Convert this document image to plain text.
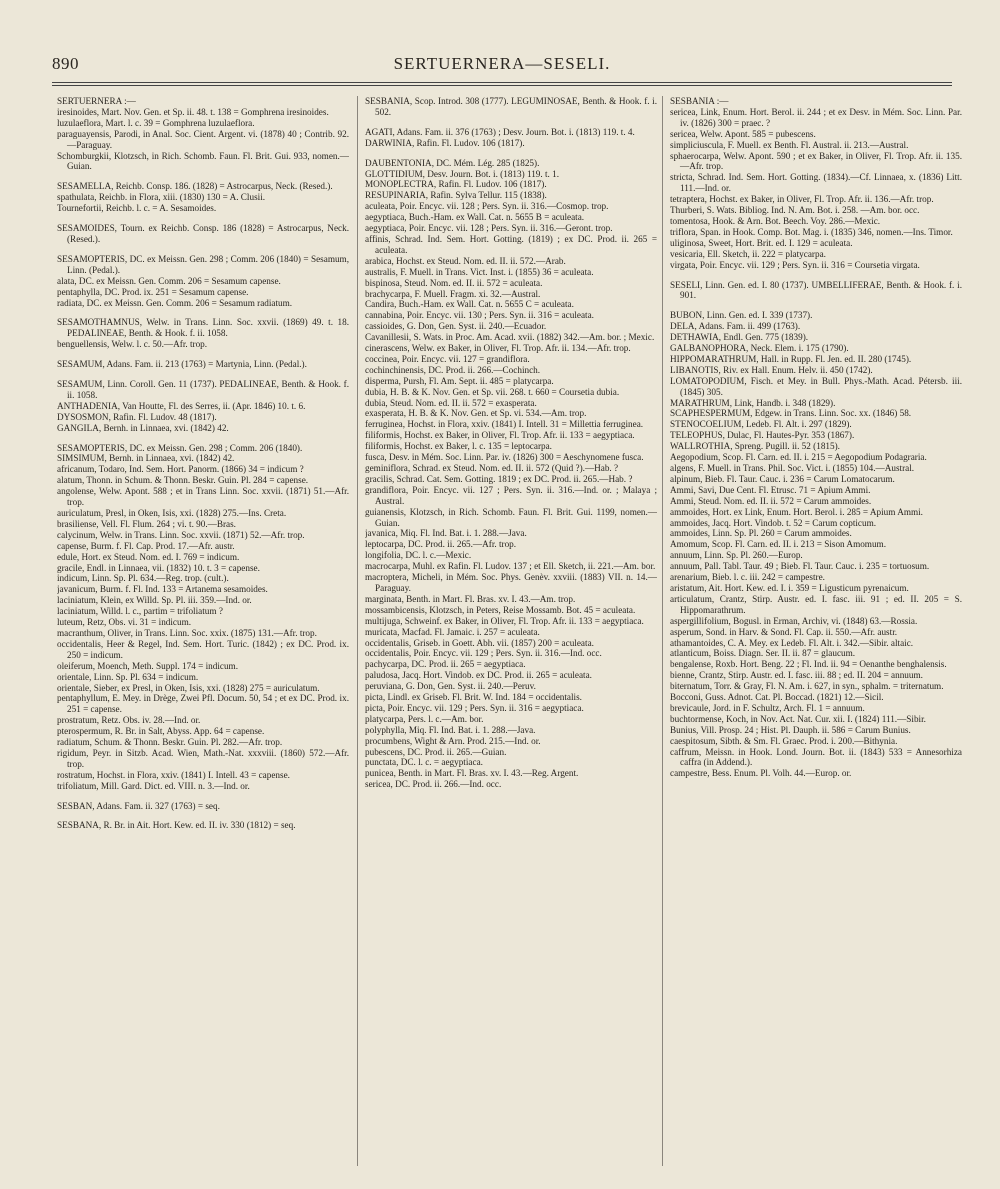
890	SERTUERNERA—SESELI.
SERTUERNERA :—
iresinoides, Mart. Nov. Gen. et Sp. ii. 48. t. 138 = Gomphrena iresinoides.
luzulaeflora, Mart. l. c. 39 = Gomphrena luzulaeflora.
paraguayensis, Parodi, in Anal. Soc. Cient. Argent. vi. (1878) 40 ; Contrib. 92.—Paraguay.
Schomburgkii, Klotzsch, in Rich. Schomb. Faun. Fl. Brit. Gui. 933, nomen.—Guian.
SESAMELLA, Reichb. Consp. 186. (1828) = Astrocarpus, Neck. (Resed.).
spathulata, Reichb. in Flora, xiii. (1830) 130 = A. Clusii.
Tournefortii, Reichb. l. c. = A. Sesamoides.
SESAMOIDES, Tourn. ex Reichb. Consp. 186 (1828) = Astrocarpus, Neck. (Resed.).
SESAMOPTERIS, DC. ex Meissn. Gen. 298 ; Comm. 206 (1840) = Sesamum, Linn. (Pedal.).
alata, DC. ex Meissn. Gen. Comm. 206 = Sesamum capense.
pentaphylla, DC. Prod. ix. 251 = Sesamum capense.
radiata, DC. ex Meissn. Gen. Comm. 206 = Sesamum radiatum.
SESAMOTHAMNUS, Welw. in Trans. Linn. Soc. xxvii. (1869) 49. t. 18. PEDALINEAE, Benth. & Hook. f. ii. 1058.
benguellensis, Welw. l. c. 50.—Afr. trop.
SESAMUM, Adans. Fam. ii. 213 (1763) = Martynia, Linn. (Pedal.).
SESAMUM, Linn. Coroll. Gen. 11 (1737). PEDALINEAE, Benth. & Hook. f. ii. 1058.
ANTHADENIA, Van Houtte, Fl. des Serres, ii. (Apr. 1846) 10. t. 6.
DYSOSMON, Rafin. Fl. Ludov. 48 (1817).
GANGILA, Bernh. in Linnaea, xvi. (1842) 42.
SESAMOPTERIS, DC. ex Meissn. Gen. 298 ; Comm. 206 (1840).
SIMSIMUM, Bernh. in Linnaea, xvi. (1842) 42.
africanum, Todaro, Ind. Sem. Hort. Panorm. (1866) 34 = indicum ?
alatum, Thonn. in Schum. & Thonn. Beskr. Guin. Pl. 284 = capense.
angolense, Welw. Apont. 588 ; et in Trans Linn. Soc. xxvii. (1871) 51.—Afr. trop.
auriculatum, Presl, in Oken, Isis, xxi. (1828) 275.—Ins. Creta.
brasiliense, Vell. Fl. Flum. 264 ; vi. t. 90.—Bras.
calycinum, Welw. in Trans. Linn. Soc. xxvii. (1871) 52.—Afr. trop.
capense, Burm. f. Fl. Cap. Prod. 17.—Afr. austr.
edule, Hort. ex Steud. Nom. ed. I. 769 = indicum.
gracile, Endl. in Linnaea, vii. (1832) 10. t. 3 = capense.
indicum, Linn. Sp. Pl. 634.—Reg. trop. (cult.).
javanicum, Burm. f. Fl. Ind. 133 = Artanema sesamoides.
laciniatum, Klein, ex Willd. Sp. Pl. iii. 359.—Ind. or.
laciniatum, Willd. l. c., partim = trifoliatum ?
luteum, Retz, Obs. vi. 31 = indicum.
macranthum, Oliver, in Trans. Linn. Soc. xxix. (1875) 131.—Afr. trop.
occidentalis, Heer & Regel, Ind. Sem. Hort. Turic. (1842) ; ex DC. Prod. ix. 250 = indicum.
oleiferum, Moench, Meth. Suppl. 174 = indicum.
orientale, Linn. Sp. Pl. 634 = indicum.
orientale, Sieber, ex Presl, in Oken, Isis, xxi. (1828) 275 = auriculatum.
pentaphyllum, E. Mey. in Drège, Zwei Pfl. Docum. 50, 54 ; et ex DC. Prod. ix. 251 = capense.
prostratum, Retz. Obs. iv. 28.—Ind. or.
pterospermum, R. Br. in Salt, Abyss. App. 64 = capense.
radiatum, Schum. & Thonn. Beskr. Guin. Pl. 282.—Afr. trop.
rigidum, Peyr. in Sitzb. Acad. Wien, Math.-Nat. xxxviii. (1860) 572.—Afr. trop.
rostratum, Hochst. in Flora, xxiv. (1841) I. Intell. 43 = capense.
trifoliatum, Mill. Gard. Dict. ed. VIII. n. 3.—Ind. or.
SESBAN, Adans. Fam. ii. 327 (1763) = seq.
SESBANA, R. Br. in Ait. Hort. Kew. ed. II. iv. 330 (1812) = seq.
SESBANIA, Scop. Introd. 308 (1777). LEGUMINOSAE, Benth. & Hook. f. i. 502.
AGATI, Adans. Fam. ii. 376 (1763) ; Desv. Journ. Bot. i. (1813) 119. t. 4.
DARWINIA, Rafin. Fl. Ludov. 106 (1817).
DAUBENTONIA, DC. Mém. Lég. 285 (1825).
GLOTTIDIUM, Desv. Journ. Bot. i. (1813) 119. t. 1.
MONOPLECTRA, Rafin. Fl. Ludov. 106 (1817).
RESUPINARIA, Rafin. Sylva Tellur. 115 (1838).
aculeata, Poir. Encyc. vii. 128 ; Pers. Syn. ii. 316.—Cosmop. trop.
aegyptiaca, Buch.-Ham. ex Wall. Cat. n. 5655 B = aculeata.
aegyptiaca, Poir. Encyc. vii. 128 ; Pers. Syn. ii. 316.—Geront. trop.
affinis, Schrad. Ind. Sem. Hort. Gotting. (1819) ; ex DC. Prod. ii. 265 = aculeata.
arabica, Hochst. ex Steud. Nom. ed. II. ii. 572.—Arab.
australis, F. Muell. in Trans. Vict. Inst. i. (1855) 36 = aculeata.
bispinosa, Steud. Nom. ed. II. ii. 572 = aculeata.
brachycarpa, F. Muell. Fragm. xi. 32.—Austral.
Candira, Buch.-Ham. ex Wall. Cat. n. 5655 C = aculeata.
cannabina, Poir. Encyc. vii. 130 ; Pers. Syn. ii. 316 = aculeata.
cassioides, G. Don, Gen. Syst. ii. 240.—Ecuador.
Cavanillesii, S. Wats. in Proc. Am. Acad. xvii. (1882) 342.—Am. bor. ; Mexic.
cinerascens, Welw. ex Baker, in Oliver, Fl. Trop. Afr. ii. 134.—Afr. trop.
coccinea, Poir. Encyc. vii. 127 = grandiflora.
cochinchinensis, DC. Prod. ii. 266.—Cochinch.
disperma, Pursh, Fl. Am. Sept. ii. 485 = platycarpa.
dubia, H. B. & K. Nov. Gen. et Sp. vii. 268. t. 660 = Coursetia dubia.
dubia, Steud. Nom. ed. II. ii. 572 = exasperata.
exasperata, H. B. & K. Nov. Gen. et Sp. vi. 534.—Am. trop.
ferruginea, Hochst. in Flora, xxiv. (1841) I. Intell. 31 = Millettia ferruginea.
filiformis, Hochst. ex Baker, in Oliver, Fl. Trop. Afr. ii. 133 = aegyptiaca.
filiformis, Hochst. ex Baker, l. c. 135 = leptocarpa.
fusca, Desv. in Mém. Soc. Linn. Par. iv. (1826) 300 = Aeschynomene fusca.
geminiflora, Schrad. ex Steud. Nom. ed. II. ii. 572 (Quid ?).—Hab. ?
gracilis, Schrad. Cat. Sem. Gotting. 1819 ; ex DC. Prod. ii. 265.—Hab. ?
grandiflora, Poir. Encyc. vii. 127 ; Pers. Syn. ii. 316.—Ind. or. ; Malaya ; Austral.
guianensis, Klotzsch, in Rich. Schomb. Faun. Fl. Brit. Gui. 1199, nomen.—Guian.
javanica, Miq. Fl. Ind. Bat. i. 1. 288.—Java.
leptocarpa, DC. Prod. ii. 265.—Afr. trop.
longifolia, DC. l. c.—Mexic.
macrocarpa, Muhl. ex Rafin. Fl. Ludov. 137 ; et Ell. Sketch, ii. 221.—Am. bor.
macroptera, Micheli, in Mém. Soc. Phys. Genèv. xxviii. (1883) VII. n. 14.—Paraguay.
marginata, Benth. in Mart. Fl. Bras. xv. I. 43.—Am. trop.
mossambicensis, Klotzsch, in Peters, Reise Mossamb. Bot. 45 = aculeata.
multijuga, Schweinf. ex Baker, in Oliver, Fl. Trop. Afr. ii. 133 = aegyptiaca.
muricata, Macfad. Fl. Jamaic. i. 257 = aculeata.
occidentalis, Griseb. in Goett. Abh. vii. (1857) 200 = aculeata.
occidentalis, Poir. Encyc. vii. 129 ; Pers. Syn. ii. 316.—Ind. occ.
pachycarpa, DC. Prod. ii. 265 = aegyptiaca.
paludosa, Jacq. Hort. Vindob. ex DC. Prod. ii. 265 = aculeata.
peruviana, G. Don, Gen. Syst. ii. 240.—Peruv.
picta, Lindl. ex Griseb. Fl. Brit. W. Ind. 184 = occidentalis.
picta, Poir. Encyc. vii. 129 ; Pers. Syn. ii. 316 = aegyptiaca.
platycarpa, Pers. l. c.—Am. bor.
polyphylla, Miq. Fl. Ind. Bat. i. 1. 288.—Java.
procumbens, Wight & Arn. Prod. 215.—Ind. or.
pubescens, DC. Prod. ii. 265.—Guian.
punctata, DC. l. c. = aegyptiaca.
punicea, Benth. in Mart. Fl. Bras. xv. I. 43.—Reg. Argent.
sericea, DC. Prod. ii. 266.—Ind. occ.
SESBANIA :—
sericea, Link, Enum. Hort. Berol. ii. 244 ; et ex Desv. in Mém. Soc. Linn. Par. iv. (1826) 300 = praec. ?
sericea, Welw. Apont. 585 = pubescens.
simpliciuscula, F. Muell. ex Benth. Fl. Austral. ii. 213.—Austral.
sphaerocarpa, Welw. Apont. 590 ; et ex Baker, in Oliver, Fl. Trop. Afr. ii. 135.—Afr. trop.
stricta, Schrad. Ind. Sem. Hort. Gotting. (1834).—Cf. Linnaea, x. (1836) Litt. 111.—Ind. or.
tetraptera, Hochst. ex Baker, in Oliver, Fl. Trop. Afr. ii. 136.—Afr. trop.
Thurberi, S. Wats. Bibliog. Ind. N. Am. Bot. i. 258. —Am. bor. occ.
tomentosa, Hook. & Arn. Bot. Beech. Voy. 286.—Mexic.
triflora, Span. in Hook. Comp. Bot. Mag. i. (1835) 346, nomen.—Ins. Timor.
uliginosa, Sweet, Hort. Brit. ed. I. 129 = aculeata.
vesicaria, Ell. Sketch, ii. 222 = platycarpa.
virgata, Poir. Encyc. vii. 129 ; Pers. Syn. ii. 316 = Coursetia virgata.
SESELI, Linn. Gen. ed. I. 80 (1737). UMBELLIFERAE, Benth. & Hook. f. i. 901.
BUBON, Linn. Gen. ed. I. 339 (1737).
DELA, Adans. Fam. ii. 499 (1763).
DETHAWIA, Endl. Gen. 775 (1839).
GALBANOPHORA, Neck. Elem. i. 175 (1790).
HIPPOMARATHRUM, Hall. in Rupp. Fl. Jen. ed. II. 280 (1745).
LIBANOTIS, Riv. ex Hall. Enum. Helv. ii. 450 (1742).
LOMATOPODIUM, Fisch. et Mey. in Bull. Phys.-Math. Acad. Pétersb. iii. (1845) 305.
MARATHRUM, Link, Handb. i. 348 (1829).
SCAPHESPERMUM, Edgew. in Trans. Linn. Soc. xx. (1846) 58.
STENOCOELIUM, Ledeb. Fl. Alt. i. 297 (1829).
TELEOPHUS, Dulac, Fl. Hautes-Pyr. 353 (1867).
WALLROTHIA, Spreng. Pugill. ii. 52 (1815).
Aegopodium, Scop. Fl. Carn. ed. II. i. 215 = Aegopodium Podagraria.
algens, F. Muell. in Trans. Phil. Soc. Vict. i. (1855) 104.—Austral.
alpinum, Bieb. Fl. Taur. Cauc. i. 236 = Carum Lomatocarum.
Ammi, Savi, Due Cent. Fl. Etrusc. 71 = Apium Ammi.
Ammi, Steud. Nom. ed. II. ii. 572 = Carum ammoides.
ammoides, Hort. ex Link, Enum. Hort. Berol. i. 285 = Apium Ammi.
ammoides, Jacq. Hort. Vindob. t. 52 = Carum copticum.
ammoides, Linn. Sp. Pl. 260 = Carum ammoides.
Amomum, Scop. Fl. Carn. ed. II. i. 213 = Sison Amomum.
annuum, Linn. Sp. Pl. 260.—Europ.
annuum, Pall. Tabl. Taur. 49 ; Bieb. Fl. Taur. Cauc. i. 235 = tortuosum.
arenarium, Bieb. l. c. iii. 242 = campestre.
aristatum, Ait. Hort. Kew. ed. I. i. 359 = Ligusticum pyrenaicum.
articulatum, Crantz, Stirp. Austr. ed. I. fasc. iii. 91 ; ed. II. 205 = S. Hippomarathrum.
aspergillifolium, Bogusl. in Erman, Archiv, vi. (1848) 63.—Rossia.
asperum, Sond. in Harv. & Sond. Fl. Cap. ii. 550.—Afr. austr.
athamantoides, C. A. Mey. ex Ledeb. Fl. Alt. i. 342.—Sibir. altaic.
atlanticum, Boiss. Diagn. Ser. II. ii. 87 = glaucum.
bengalense, Roxb. Hort. Beng. 22 ; Fl. Ind. ii. 94 = Oenanthe benghalensis.
bienne, Crantz, Stirp. Austr. ed. I. fasc. iii. 88 ; ed. II. 204 = annuum.
biternatum, Torr. & Gray, Fl. N. Am. i. 627, in syn., sphalm. = triternatum.
Bocconi, Guss. Adnot. Cat. Pl. Boccad. (1821) 12.—Sicil.
brevicaule, Jord. in F. Schultz, Arch. Fl. 1 = annuum.
buchtormense, Koch, in Nov. Act. Nat. Cur. xii. I. (1824) 111.—Sibir.
Bunius, Vill. Prosp. 24 ; Hist. Pl. Dauph. ii. 586 = Carum Bunius.
caespitosum, Sibth. & Sm. Fl. Graec. Prod. i. 200.—Bithynia.
caffrum, Meissn. in Hook. Lond. Journ. Bot. ii. (1843) 533 = Annesorhiza caffra (in Addend.).
campestre, Bess. Enum. Pl. Volh. 44.—Europ. or.
